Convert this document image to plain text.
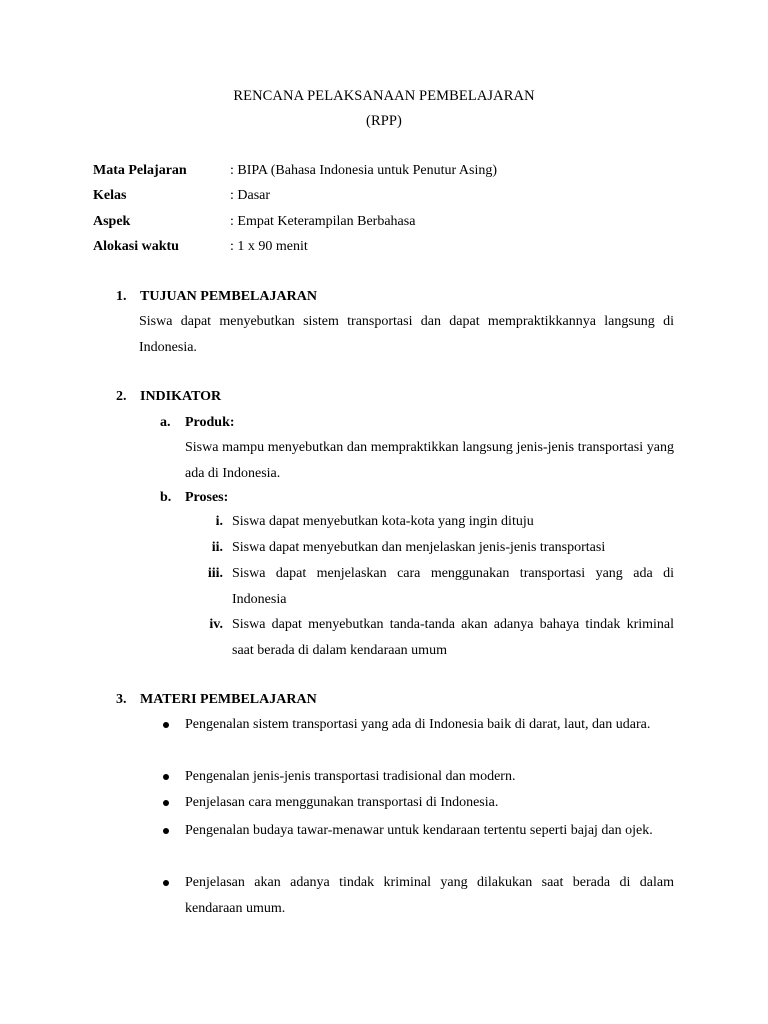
RENCANA PELAKSANAAN PEMBELAJARAN
(RPP)
Mata Pelajaran	: BIPA (Bahasa Indonesia untuk Penutur Asing)
Kelas	: Dasar
Aspek	: Empat Keterampilan Berbahasa
Alokasi waktu	: 1 x 90 menit
1. TUJUAN PEMBELAJARAN
Siswa dapat menyebutkan sistem transportasi dan dapat mempraktikkannya langsung di Indonesia.
2. INDIKATOR
a. Produk:
Siswa mampu menyebutkan dan mempraktikkan langsung jenis-jenis transportasi yang ada di Indonesia.
b. Proses:
i. Siswa dapat menyebutkan kota-kota yang ingin dituju
ii. Siswa dapat menyebutkan dan menjelaskan jenis-jenis transportasi
iii. Siswa dapat menjelaskan cara menggunakan transportasi yang ada di Indonesia
iv. Siswa dapat menyebutkan tanda-tanda akan adanya bahaya tindak kriminal saat berada di dalam kendaraan umum
3. MATERI PEMBELAJARAN
Pengenalan sistem transportasi yang ada di Indonesia baik di darat, laut, dan udara.
Pengenalan jenis-jenis transportasi tradisional dan modern.
Penjelasan cara menggunakan transportasi di Indonesia.
Pengenalan budaya tawar-menawar untuk kendaraan tertentu seperti bajaj dan ojek.
Penjelasan akan adanya tindak kriminal yang dilakukan saat berada di dalam kendaraan umum.
